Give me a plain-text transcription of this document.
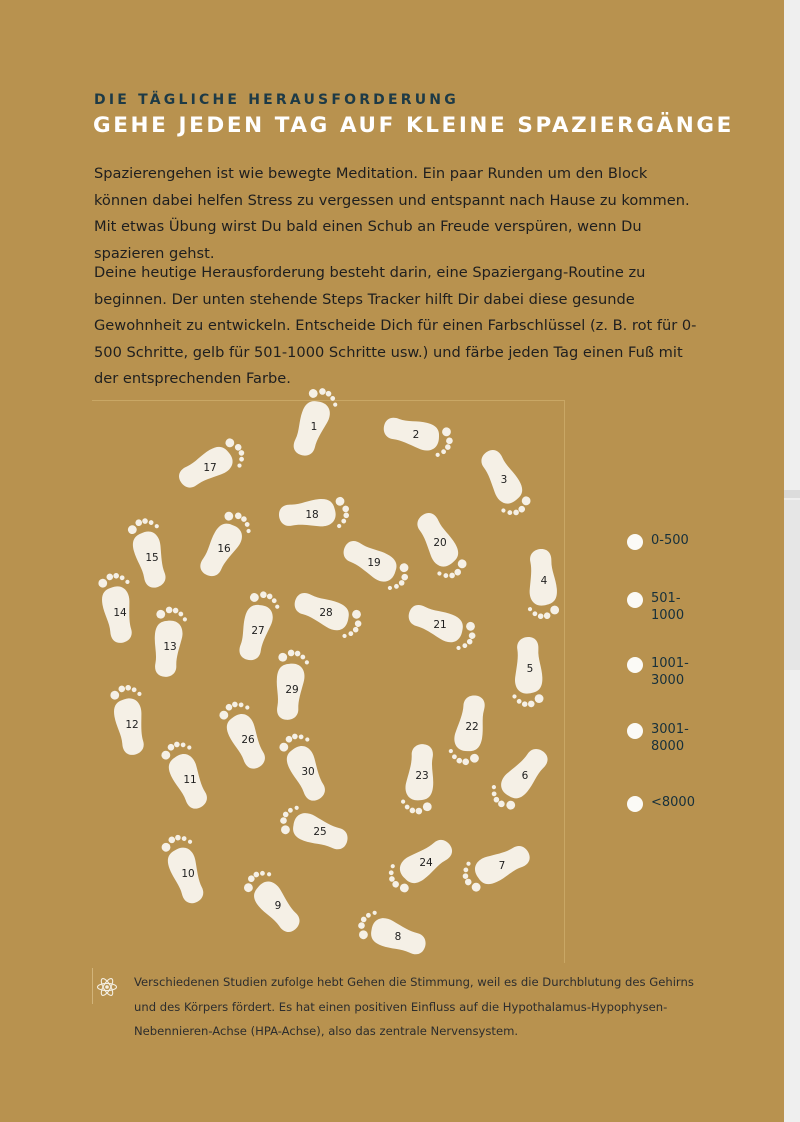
DIE TÄGLICHE HERAUSFORDERUNG
GEHE JEDEN TAG AUF KLEINE SPAZIERGÄNGE

Spazierengehen ist wie bewegte Meditation. Ein paar Runden um den Block können dabei helfen Stress zu vergessen und entspannt nach Hause zu kommen. Mit etwas Übung wirst Du bald einen Schub an Freude verspüren, wenn Du spazieren gehst.

Deine heutige Herausforderung besteht darin, eine Spaziergang-Routine zu beginnen. Der unten stehende Steps Tracker hilft Dir dabei diese gesunde Gewohnheit zu entwickeln. Entscheide Dich für einen Farbschlüssel (z. B. rot für 0-500 Schritte, gelb für 501-1000 Schritte usw.) und färbe jeden Tag einen Fuß mit der entsprechenden Farbe.

1
2
3
4
5
6
7
8
9
10
11
12
13
14
15
16
17
18
19
20
21
22
23
24
25
26
27
28
29
30
0-500
501-1000
1001-3000
3001-8000
<8000

Verschiedenen Studien zufolge hebt Gehen die Stimmung, weil es die Durchblutung des Gehirns und des Körpers fördert. Es hat einen positiven Einfluss auf die Hypothalamus-Hypophysen-Nebennieren-Achse (HPA-Achse), also das zentrale Nervensystem.
